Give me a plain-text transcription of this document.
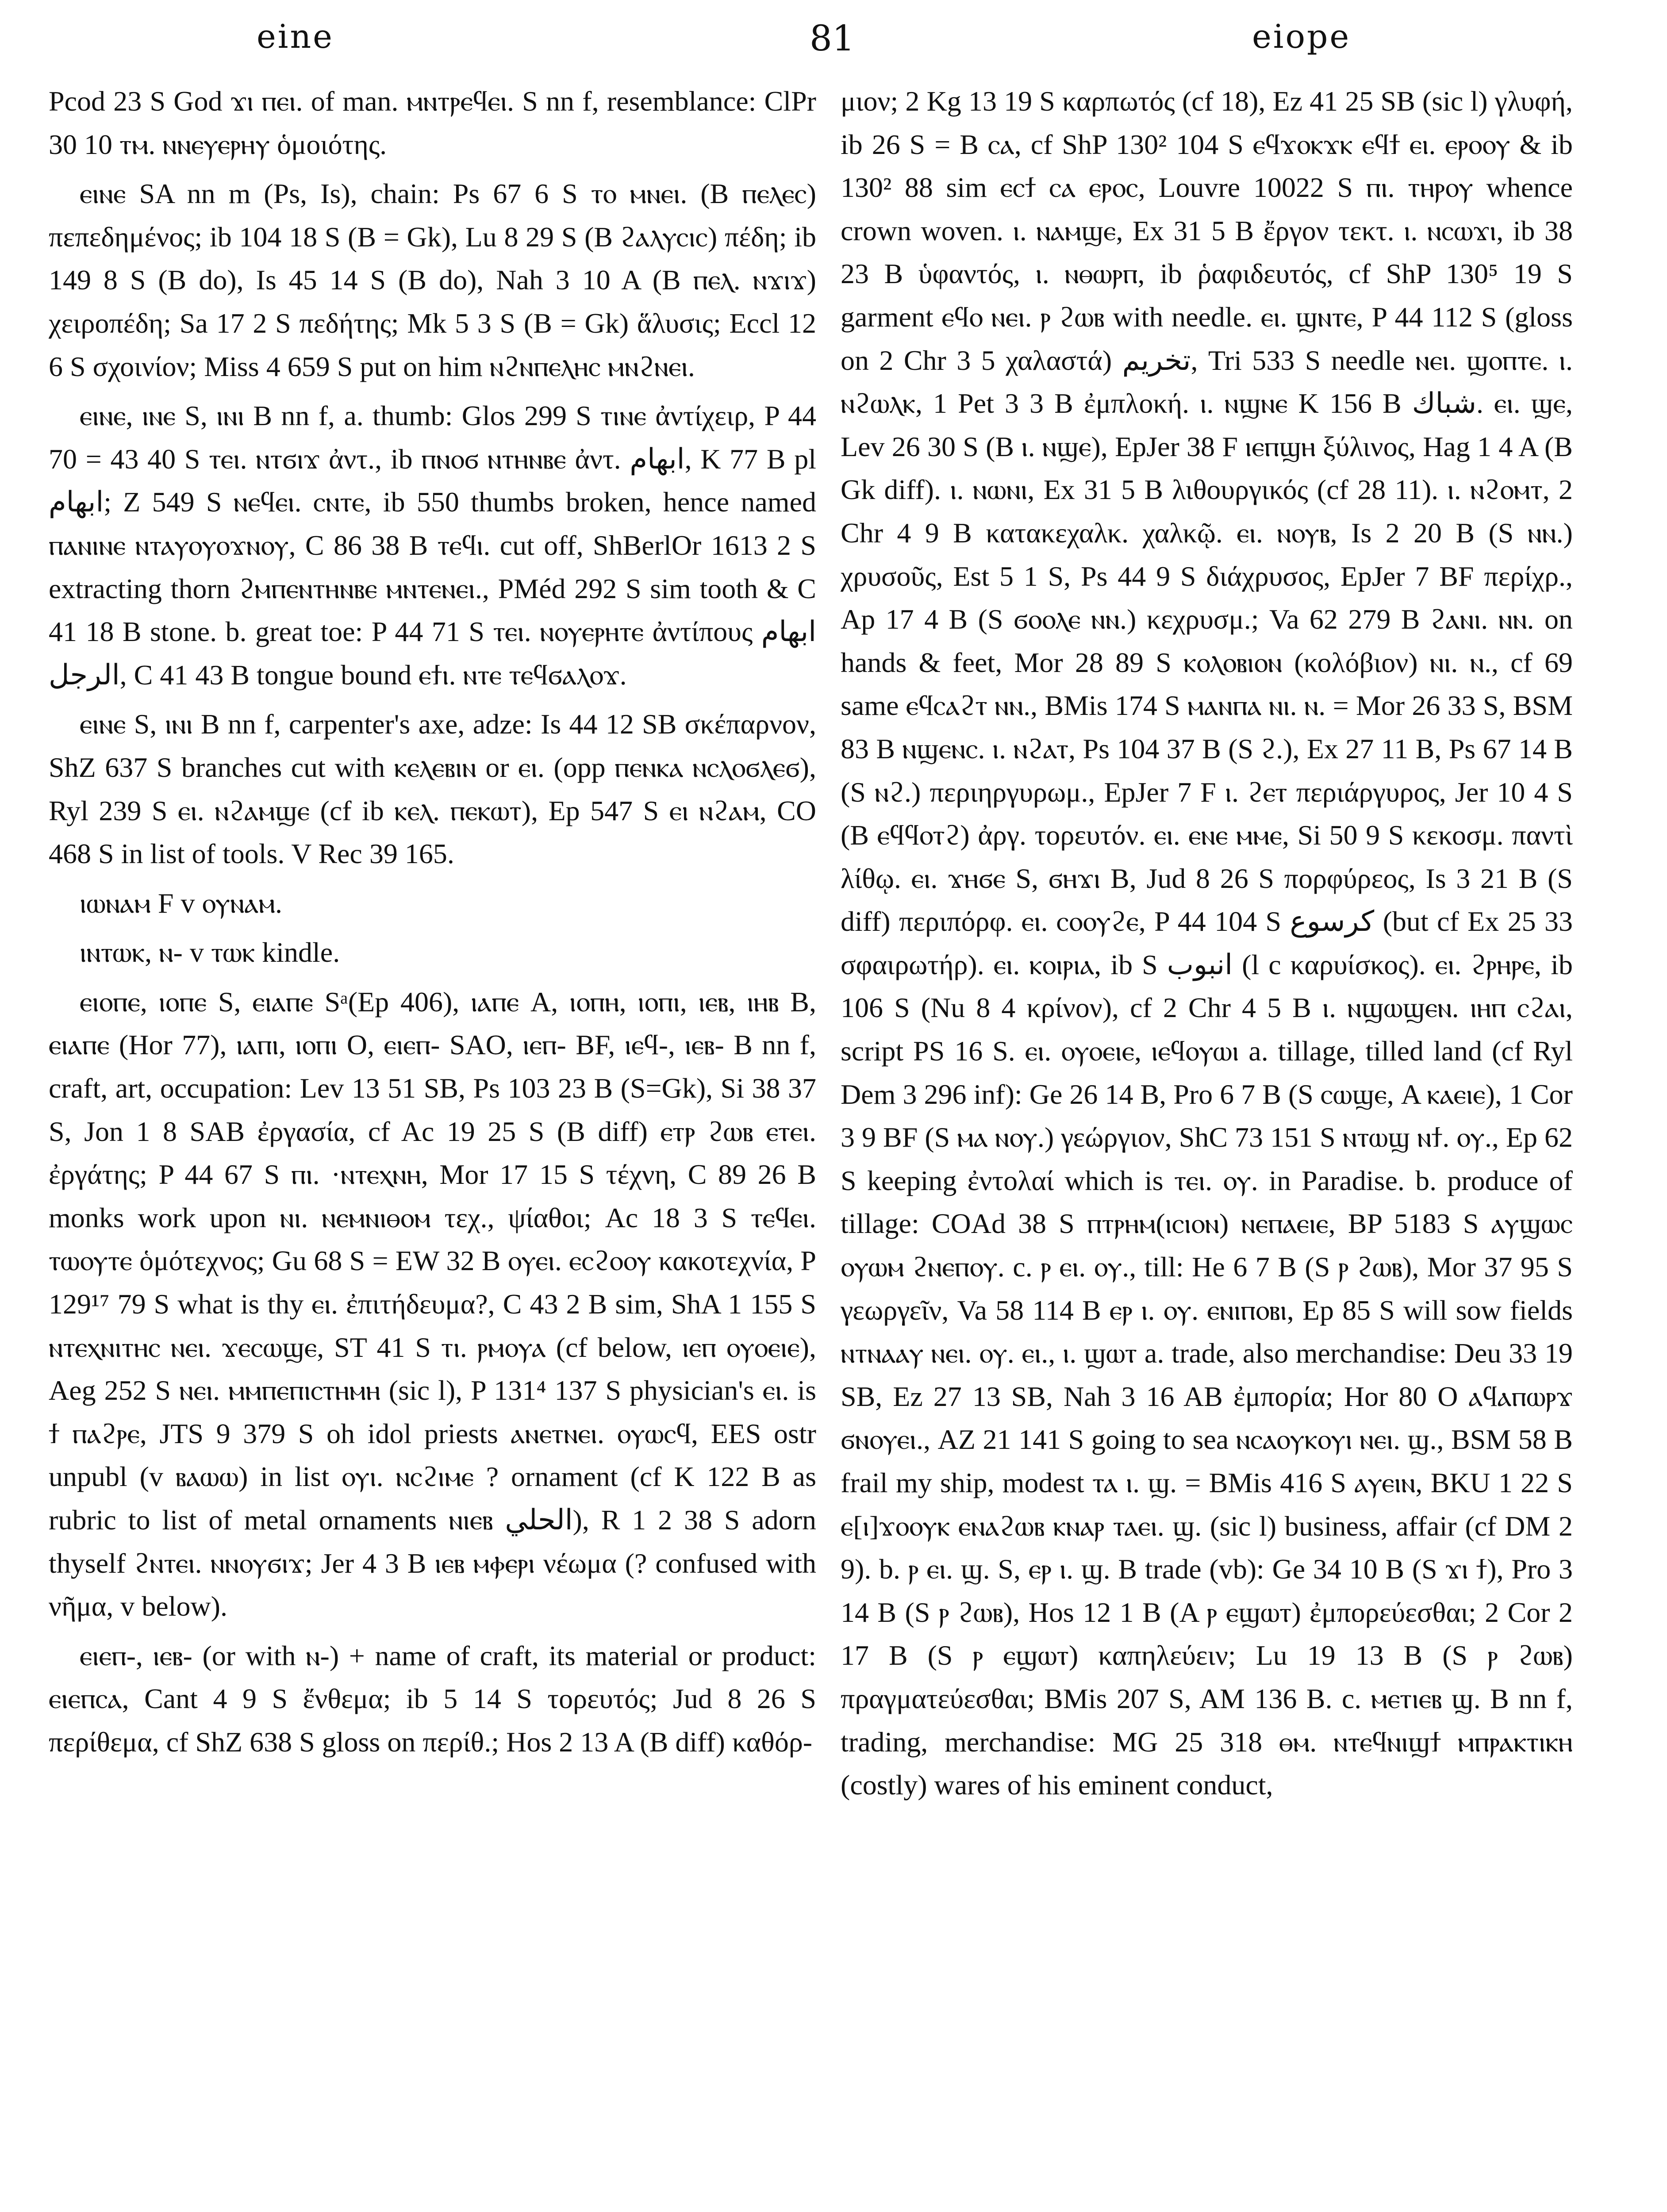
eine	81	eiope

Pcod 23 S God ϫⲓ ⲡⲉⲓ. of man. ⲙⲛⲧⲣⲉϥⲉⲓ. S nn f, resemblance: ClPr 30 10 ⲧⲙ. ⲛⲛⲉⲩⲉⲣⲏⲩ ὁμοιότης.

ⲉⲓⲛⲉ SA nn m (Ps, Is), chain: Ps 67 6 S ⲧⲟ ⲙⲛⲉⲓ. (B ⲡⲉⲗⲉⲥ) πεπεδημένος; ib 104 18 S (B = Gk), Lu 8 29 S (B ϩⲁⲗⲩⲥⲓⲥ) πέδη; ib 149 8 S (B do), Is 45 14 S (B do), Nah 3 10 A (B ⲡⲉⲗ. ⲛϫⲓϫ) χειροπέδη; Sa 17 2 S πεδήτης; Mk 5 3 S (B = Gk) ἅλυσις; Eccl 12 6 S σχοινίον; Miss 4 659 S put on him ⲛϩⲛⲡⲉⲗⲏⲥ ⲙⲛϩⲛⲉⲓ.

ⲉⲓⲛⲉ, ⲓⲛⲉ S, ⲓⲛⲓ B nn f, a. thumb: Glos 299 S ⲧⲓⲛⲉ ἀντίχειρ, P 44 70 = 43 40 S ⲧⲉⲓ. ⲛⲧϭⲓϫ ἀντ., ib ⲡⲛⲟϭ ⲛⲧⲏⲛⲃⲉ ἀντ. ابهام, K 77 B pl ابهام; Z 549 S ⲛⲉϥⲉⲓ. ⲥⲛⲧⲉ, ib 550 thumbs broken, hence named ⲡⲁⲛⲓⲛⲉ ⲛⲧⲁⲩⲟⲩⲟϫⲛⲟⲩ, C 86 38 B ⲧⲉϥⲓ. cut off, ShBerlOr 1613 2 S extracting thorn ϩⲙⲡⲉⲛⲧⲏⲛⲃⲉ ⲙⲛⲧⲉⲛⲉⲓ., PMéd 292 S sim tooth & C 41 18 B stone. b. great toe: P 44 71 S ⲧⲉⲓ. ⲛⲟⲩⲉⲣⲏⲧⲉ ἀντίπους ابهام الرجل, C 41 43 B tongue bound ⲉϯⲓ. ⲛⲧⲉ ⲧⲉϥϭⲁⲗⲟϫ.

ⲉⲓⲛⲉ S, ⲓⲛⲓ B nn f, carpenter's axe, adze: Is 44 12 SB σκέπαρνον, ShZ 637 S branches cut with ⲕⲉⲗⲉⲃⲓⲛ or ⲉⲓ. (opp ⲡⲉⲛⲕⲁ ⲛⲥⲗⲟϭⲗⲉϭ), Ryl 239 S ⲉⲓ. ⲛϩⲁⲙϣⲉ (cf ib ⲕⲉⲗ. ⲡⲉⲕⲱⲧ), Ep 547 S ⲉⲓ ⲛϩⲁⲙ, CO 468 S in list of tools. V Rec 39 165.

ⲓⲱⲛⲁⲙ F v ⲟⲩⲛⲁⲙ.

ⲓⲛⲧⲱⲕ, ⲛ- v ⲧⲱⲕ kindle.

ⲉⲓⲟⲡⲉ, ⲓⲟⲡⲉ S, ⲉⲓⲁⲡⲉ Sᵃ(Ep 406), ⲓⲁⲡⲉ A, ⲓⲟⲡⲏ, ⲓⲟⲡⲓ, ⲓⲉⲃ, ⲓⲏⲃ B, ⲉⲓⲁⲡⲉ (Hor 77), ⲓⲁⲡⲓ, ⲓⲟⲡⲓ O, ⲉⲓⲉⲡ- SAO, ⲓⲉⲡ- BF, ⲓⲉϥ-, ⲓⲉⲃ- B nn f, craft, art, occupation: Lev 13 51 SB, Ps 103 23 B (S=Gk), Si 38 37 S, Jon 1 8 SAB ἐργασία, cf Ac 19 25 S (B diff) ⲉⲧⲣ ϩⲱⲃ ⲉⲧⲉⲓ. ἐργάτης; P 44 67 S ⲡⲓ. ·ⲛⲧⲉⲭⲛⲏ, Mor 17 15 S τέχνη, C 89 26 B monks work upon ⲛⲓ. ⲛⲉⲙⲛⲓⲑⲟⲙ τεχ., ψίαθοι; Ac 18 3 S ⲧⲉϥⲉⲓ. ⲧⲱⲟⲩⲧⲉ ὁμότεχνος; Gu 68 S = EW 32 B ⲟⲩⲉⲓ. ⲉⲥϩⲟⲟⲩ κακοτεχνία, P 129¹⁷ 79 S what is thy ⲉⲓ. ἐπιτήδευμα?, C 43 2 B sim, ShA 1 155 S ⲛⲧⲉⲭⲛⲓⲧⲏⲥ ⲛⲉⲓ. ϫⲉⲥⲱϣⲉ, ST 41 S ⲧⲓ. ⲣⲙⲟⲩⲁ (cf below, ⲓⲉⲡ ⲟⲩⲟⲉⲓⲉ), Aeg 252 S ⲛⲉⲓ. ⲙⲙⲡⲉⲡⲓⲥⲧⲏⲙⲏ (sic l), P 131⁴ 137 S physician's ⲉⲓ. is ϯ ⲡⲁϩⲣⲉ, JTS 9 379 S oh idol priests ⲁⲛⲉⲧⲛⲉⲓ. ⲟⲩⲱⲥϥ, EES ostr unpubl (v ⲃⲁⲱⲱ) in list ⲟⲩⲓ. ⲛⲥϩⲓⲙⲉ ? ornament (cf K 122 B as rubric to list of metal ornaments ⲛⲓⲉⲃ الحلي), R 1 2 38 S adorn thyself ϩⲛⲧⲉⲓ. ⲛⲛⲟⲩϭⲓϫ; Jer 4 3 B ⲓⲉⲃ ⲙⲫⲉⲣⲓ νέωμα (? confused with νῆμα, v below).

ⲉⲓⲉⲡ-, ⲓⲉⲃ- (or with ⲛ-) + name of craft, its material or product: ⲉⲓⲉⲡⲥⲁ, Cant 4 9 S ἔνθεμα; ib 5 14 S τορευτός; Jud 8 26 S περίθεμα, cf ShZ 638 S gloss on περίθ.; Hos 2 13 A (B diff) καθόρ-

μιον; 2 Kg 13 19 S καρπωτός (cf 18), Ez 41 25 SB (sic l) γλυφή, ib 26 S = B ⲥⲁ, cf ShP 130² 104 S ⲉϥϫⲟⲕϫⲕ ⲉϥϯ ⲉⲓ. ⲉⲣⲟⲟⲩ & ib 130² 88 sim ⲉⲥϯ ⲥⲁ ⲉⲣⲟⲥ, Louvre 10022 S ⲡⲓ. ⲧⲏⲣⲟⲩ whence crown woven. ⲓ. ⲛⲁⲙϣⲉ, Ex 31 5 B ἔργον τεκτ. ⲓ. ⲛⲥⲱϫⲓ, ib 38 23 B ὑφαντός, ⲓ. ⲛⲑⲱⲣⲡ, ib ῥαφιδευτός, cf ShP 130⁵ 19 S garment ⲉϥⲟ ⲛⲉⲓ. ⲣ ϩⲱⲃ with needle. ⲉⲓ. ϣⲛⲧⲉ, P 44 112 S (gloss on 2 Chr 3 5 χαλαστά) تخريم, Tri 533 S needle ⲛⲉⲓ. ϣⲟⲡⲧⲉ. ⲓ. ⲛϩⲱⲗⲕ, 1 Pet 3 3 B ἐμπλοκή. ⲓ. ⲛϣⲛⲉ K 156 B شباك. ⲉⲓ. ϣⲉ, Lev 26 30 S (B ⲓ. ⲛϣⲉ), EpJer 38 F ⲓⲉⲡϣⲏ ξύλινος, Hag 1 4 A (B Gk diff). ⲓ. ⲛⲱⲛⲓ, Ex 31 5 B λιθουργικός (cf 28 11). ⲓ. ⲛϩⲟⲙⲧ, 2 Chr 4 9 B κατακεχαλκ. χαλκῷ. ⲉⲓ. ⲛⲟⲩⲃ, Is 2 20 B (S ⲛⲛ.) χρυσοῦς, Est 5 1 S, Ps 44 9 S διάχρυσος, EpJer 7 BF περίχρ., Ap 17 4 B (S ϭⲟⲟⲗⲉ ⲛⲛ.) κεχρυσμ.; Va 62 279 B ϩⲁⲛⲓ. ⲛⲛ. on hands & feet, Mor 28 89 S ⲕⲟⲗⲟⲃⲓⲟⲛ (κολόβιον) ⲛⲓ. ⲛ., cf 69 same ⲉϥⲥⲁϩⲧ ⲛⲛ., BMis 174 S ⲙⲁⲛⲡⲁ ⲛⲓ. ⲛ. = Mor 26 33 S, BSM 83 B ⲛϣⲉⲛⲥ. ⲓ. ⲛϩⲁⲧ, Ps 104 37 B (S ϩ.), Ex 27 11 B, Ps 67 14 B (S ⲛϩ.) περιηργυρωμ., EpJer 7 F ⲓ. ϩⲉⲧ περιάργυρος, Jer 10 4 S (B ⲉϥϥⲟⲧϩ) ἀργ. τορευτόν. ⲉⲓ. ⲉⲛⲉ ⲙⲙⲉ, Si 50 9 S κεκοσμ. παντὶ λίθῳ. ⲉⲓ. ϫⲏϭⲉ S, ϭⲏϫⲓ B, Jud 8 26 S πορφύρεος, Is 3 21 B (S diff) περιπόρφ. ⲉⲓ. ⲥⲟⲟⲩϩⲉ, P 44 104 S كرسوع (but cf Ex 25 33 σφαιρωτήρ). ⲉⲓ. ⲕⲟⲓⲣⲓⲁ, ib S انبوب (l c καρυίσκος). ⲉⲓ. ϩⲣⲏⲣⲉ, ib 106 S (Nu 8 4 κρίνον), cf 2 Chr 4 5 B ⲓ. ⲛϣⲱϣⲉⲛ. ⲓⲏⲡ ⲥϩⲁⲓ, script PS 16 S. ⲉⲓ. ⲟⲩⲟⲉⲓⲉ, ⲓⲉϥⲟⲩⲱⲓ a. tillage, tilled land (cf Ryl Dem 3 296 inf): Ge 26 14 B, Pro 6 7 B (S ⲥⲱϣⲉ, A ⲕⲁⲉⲓⲉ), 1 Cor 3 9 BF (S ⲙⲁ ⲛⲟⲩ.) γεώργιον, ShC 73 151 S ⲛⲧⲱϣ ⲛϯ. ⲟⲩ., Ep 62 S keeping ἐντολαί which is ⲧⲉⲓ. ⲟⲩ. in Paradise. b. produce of tillage: COAd 38 S ⲡⲧⲣⲏⲙ(ⲓⲥⲓⲟⲛ) ⲛⲉⲡⲁⲉⲓⲉ, BP 5183 S ⲁⲩϣⲱⲥ ⲟⲩⲱⲙ ϩⲛⲉⲡⲟⲩ. c. ⲣ ⲉⲓ. ⲟⲩ., till: He 6 7 B (S ⲣ ϩⲱⲃ), Mor 37 95 S γεωργεῖν, Va 58 114 B ⲉⲣ ⲓ. ⲟⲩ. ⲉⲛⲓⲡⲟⲃⲓ, Ep 85 S will sow fields ⲛⲧⲛⲁⲁⲩ ⲛⲉⲓ. ⲟⲩ. ⲉⲓ., ⲓ. ϣⲱⲧ a. trade, also merchandise: Deu 33 19 SB, Ez 27 13 SB, Nah 3 16 AB ἐμπορία; Hor 80 O ⲁϥⲁⲡⲱⲣϫ ϭⲛⲟⲩⲉⲓ., AZ 21 141 S going to sea ⲛⲥⲁⲟⲩⲕⲟⲩⲓ ⲛⲉⲓ. ϣ., BSM 58 B frail my ship, modest ⲧⲁ ⲓ. ϣ. = BMis 416 S ⲁⲩⲉⲓⲛ, BKU 1 22 S ⲉ[ⲓ]ϫⲟⲟⲩⲕ ⲉⲛⲁϩⲱⲃ ⲕⲛⲁⲣ ⲧⲁⲉⲓ. ϣ. (sic l) business, affair (cf DM 2 9). b. ⲣ ⲉⲓ. ϣ. S, ⲉⲣ ⲓ. ϣ. B trade (vb): Ge 34 10 B (S ϫⲓ ϯ), Pro 3 14 B (S ⲣ ϩⲱⲃ), Hos 12 1 B (A ⲣ ⲉϣⲱⲧ) ἐμπορεύεσθαι; 2 Cor 2 17 B (S ⲣ ⲉϣⲱⲧ) καπηλεύειν; Lu 19 13 B (S ⲣ ϩⲱⲃ) πραγματεύεσθαι; BMis 207 S, AM 136 B. c. ⲙⲉⲧⲓⲉⲃ ϣ. B nn f, trading, merchandise: MG 25 318 ⲑⲙ. ⲛⲧⲉϥⲛⲓϣϯ ⲙⲡⲣⲁⲕⲧⲓⲕⲏ (costly) wares of his eminent conduct,
